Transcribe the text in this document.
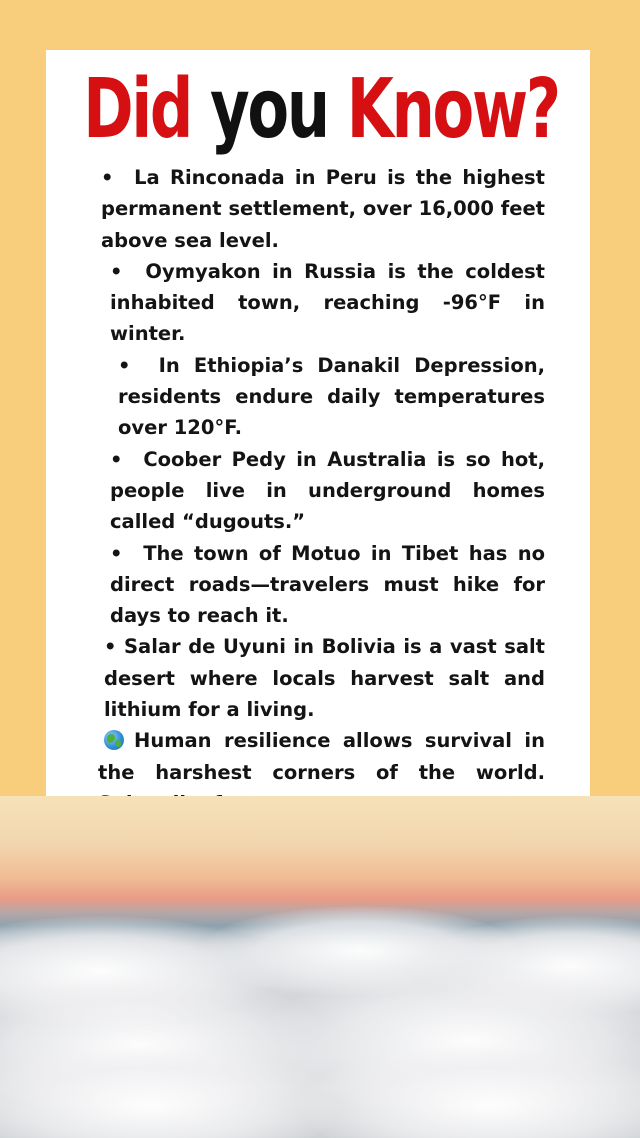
Did you Know?

• La Rinconada in Peru is the highest permanent settlement, over 16,000 feet above sea level.

• Oymyakon in Russia is the coldest inhabited town, reaching -96°F in winter.

• In Ethiopia’s Danakil Depression, residents endure daily temperatures over 120°F.

• Coober Pedy in Australia is so hot, people live in underground homes called “dugouts.”

• The town of Motuo in Tibet has no direct roads—travelers must hike for days to reach it.

• Salar de Uyuni in Bolivia is a vast salt desert where locals harvest salt and lithium for a living.

Human resilience allows survival in the harshest corners of the world.
